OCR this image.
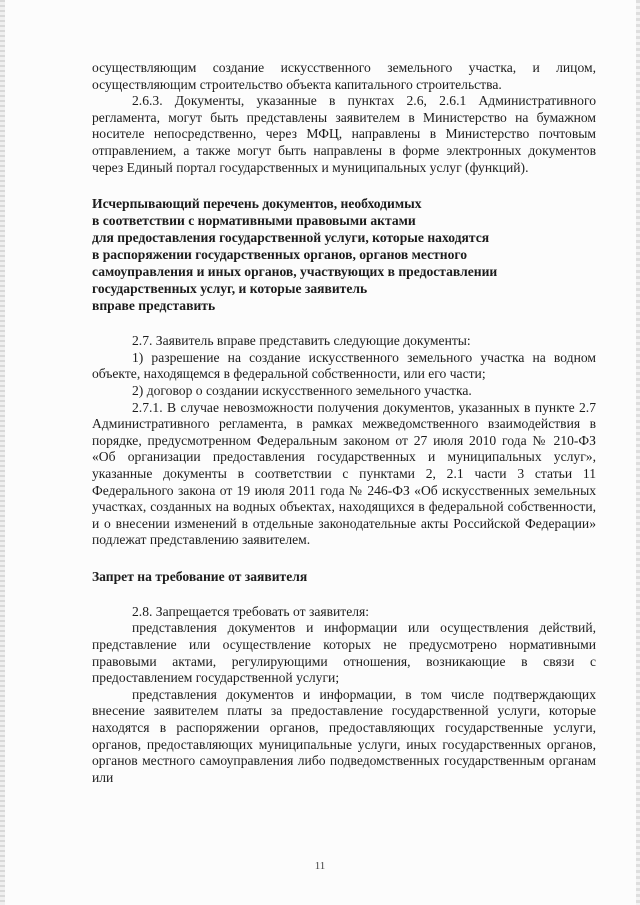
осуществляющим создание искусственного земельного участка, и лицом, осуществляющим строительство объекта капитального строительства.

2.6.3. Документы, указанные в пунктах 2.6, 2.6.1 Административного регламента, могут быть представлены заявителем в Министерство на бумажном носителе непосредственно, через МФЦ, направлены в Министерство почтовым отправлением, а также могут быть направлены в форме электронных документов через Единый портал государственных и муниципальных услуг (функций).

Исчерпывающий перечень документов, необходимых

в соответствии с нормативными правовыми актами

для предоставления государственной услуги, которые находятся

в распоряжении государственных органов, органов местного

самоуправления и иных органов, участвующих в предоставлении

государственных услуг, и которые заявитель

вправе представить

2.7. Заявитель вправе представить следующие документы:

1) разрешение на создание искусственного земельного участка на водном объекте, находящемся в федеральной собственности, или его части;

2) договор о создании искусственного земельного участка.

2.7.1. В случае невозможности получения документов, указанных в пункте 2.7 Административного регламента, в рамках межведомственного взаимодействия в порядке, предусмотренном Федеральным законом от 27 июля 2010 года № 210-ФЗ «Об организации предоставления государственных и муниципальных услуг», указанные документы в соответствии с пунктами 2, 2.1 части 3 статьи 11 Федерального закона от 19 июля 2011 года № 246-ФЗ «Об искусственных земельных участках, созданных на водных объектах, находящихся в федеральной собственности, и о внесении изменений в отдельные законодательные акты Российской Федерации» подлежат представлению заявителем.

Запрет на требование от заявителя

2.8. Запрещается требовать от заявителя:

представления документов и информации или осуществления действий, представление или осуществление которых не предусмотрено нормативными правовыми актами, регулирующими отношения, возникающие в связи с предоставлением государственной услуги;

представления документов и информации, в том числе подтверждающих внесение заявителем платы за предоставление государственной услуги, которые находятся в распоряжении органов, предоставляющих государственные услуги, органов, предоставляющих муниципальные услуги, иных государственных органов, органов местного самоуправления либо подведомственных государственным органам или

11
